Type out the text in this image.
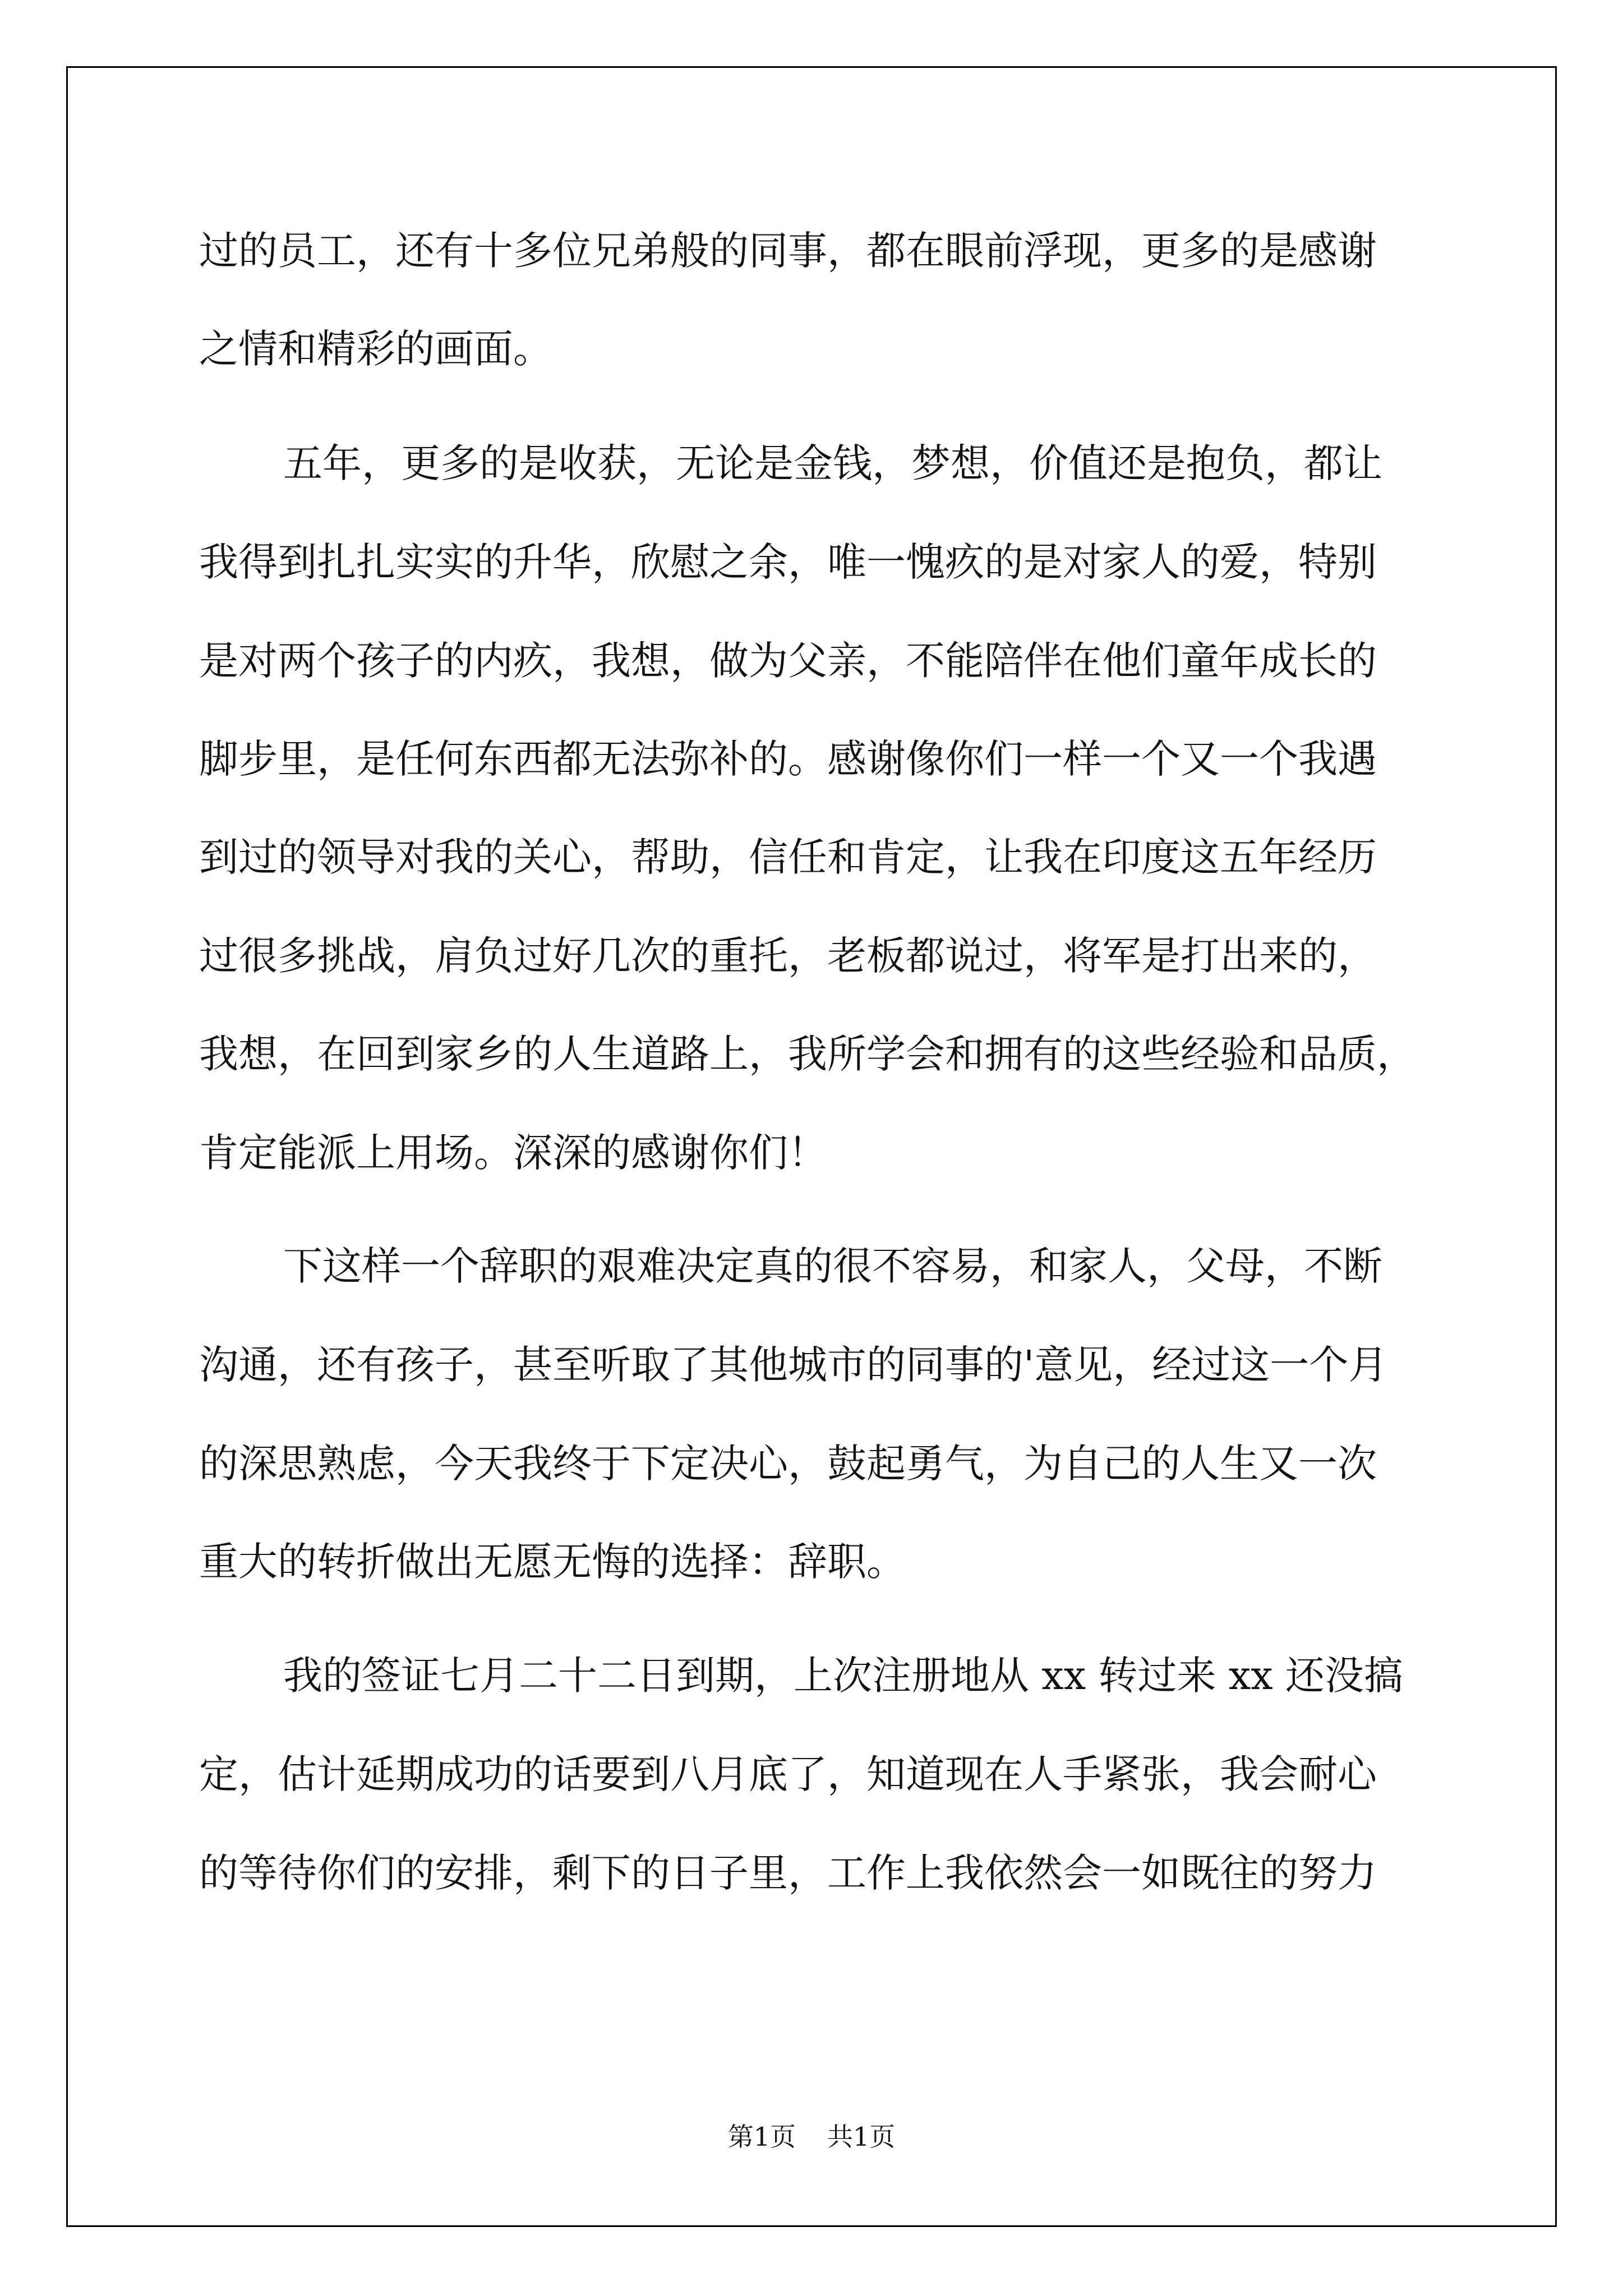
过的员工，还有十多位兄弟般的同事，都在眼前浮现，更多的是感谢
之情和精彩的画面。
五年，更多的是收获，无论是金钱，梦想，价值还是抱负，都让
我得到扎扎实实的升华，欣慰之余，唯一愧疚的是对家人的爱，特别
是对两个孩子的内疚，我想，做为父亲，不能陪伴在他们童年成长的
脚步里，是任何东西都无法弥补的。感谢像你们一样一个又一个我遇
到过的领导对我的关心，帮助，信任和肯定，让我在印度这五年经历
过很多挑战，肩负过好几次的重托，老板都说过，将军是打出来的，
我想，在回到家乡的人生道路上，我所学会和拥有的这些经验和品质，
肯定能派上用场。深深的感谢你们！
下这样一个辞职的艰难决定真的很不容易，和家人，父母，不断
沟通，还有孩子，甚至听取了其他城市的同事的'意见，经过这一个月
的深思熟虑，今天我终于下定决心，鼓起勇气，为自己的人生又一次
重大的转折做出无愿无悔的选择：辞职。
我的签证七月二十二日到期，上次注册地从 xx 转过来 xx 还没搞
定，估计延期成功的话要到八月底了，知道现在人手紧张，我会耐心
的等待你们的安排，剩下的日子里，工作上我依然会一如既往的努力
第1页 共1页
